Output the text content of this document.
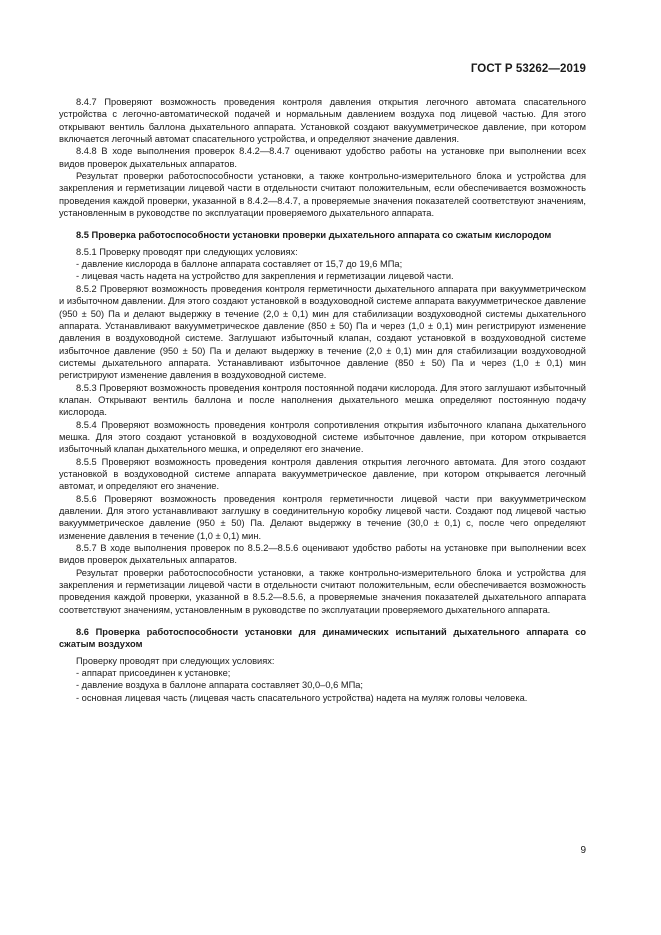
ГОСТ Р 53262—2019

8.4.7 Проверяют возможность проведения контроля давления открытия легочного автомата спасательного устройства с легочно-автоматической подачей и нормальным давлением воздуха под лицевой частью. Для этого открывают вентиль баллона дыхательного аппарата. Установкой создают вакуумметрическое давление, при котором включается легочный автомат спасательного устройства, и определяют значение давления.

8.4.8 В ходе выполнения проверок 8.4.2—8.4.7 оценивают удобство работы на установке при выполнении всех видов проверок дыхательных аппаратов.

Результат проверки работоспособности установки, а также контрольно-измерительного блока и устройства для закрепления и герметизации лицевой части в отдельности считают положительным, если обеспечивается возможность проведения каждой проверки, указанной в 8.4.2—8.4.7, а проверяемые значения показателей соответствуют значениям, установленным в руководстве по эксплуатации проверяемого дыхательного аппарата.

8.5 Проверка работоспособности установки проверки дыхательного аппарата со сжатым кислородом

8.5.1 Проверку проводят при следующих условиях:

- давление кислорода в баллоне аппарата составляет от 15,7 до 19,6 МПа;

- лицевая часть надета на устройство для закрепления и герметизации лицевой части.

8.5.2 Проверяют возможность проведения контроля герметичности дыхательного аппарата при вакуумметрическом и избыточном давлении. Для этого создают установкой в воздуховодной системе аппарата вакуумметрическое давление (950 ± 50) Па и делают выдержку в течение (2,0 ± 0,1) мин для стабилизации воздуховодной системы дыхательного аппарата. Устанавливают вакуумметрическое давление (850 ± 50) Па и через (1,0 ± 0,1) мин регистрируют изменение давления в воздуховодной системе. Заглушают избыточный клапан, создают установкой в воздуховодной системе избыточное давление (950 ± 50) Па и делают выдержку в течение (2,0 ± 0,1) мин для стабилизации воздуховодной системы дыхательного аппарата. Устанавливают избыточное давление (850 ± 50) Па и через (1,0 ± 0,1) мин регистрируют изменение давления в воздуховодной системе.

8.5.3 Проверяют возможность проведения контроля постоянной подачи кислорода. Для этого заглушают избыточный клапан. Открывают вентиль баллона и после наполнения дыхательного мешка определяют постоянную подачу кислорода.

8.5.4 Проверяют возможность проведения контроля сопротивления открытия избыточного клапана дыхательного мешка. Для этого создают установкой в воздуховодной системе избыточное давление, при котором открывается избыточный клапан дыхательного мешка, и определяют его значение.

8.5.5 Проверяют возможность проведения контроля давления открытия легочного автомата. Для этого создают установкой в воздуховодной системе аппарата вакуумметрическое давление, при котором открывается легочный автомат, и определяют его значение.

8.5.6 Проверяют возможность проведения контроля герметичности лицевой части при вакуумметрическом давлении. Для этого устанавливают заглушку в соединительную коробку лицевой части. Создают под лицевой частью вакуумметрическое давление (950 ± 50) Па. Делают выдержку в течение (30,0 ± 0,1) с, после чего определяют изменение давления в течение (1,0 ± 0,1) мин.

8.5.7 В ходе выполнения проверок по 8.5.2—8.5.6 оценивают удобство работы на установке при выполнении всех видов проверок дыхательных аппаратов.

Результат проверки работоспособности установки, а также контрольно-измерительного блока и устройства для закрепления и герметизации лицевой части в отдельности считают положительным, если обеспечивается возможность проведения каждой проверки, указанной в 8.5.2—8.5.6, а проверяемые значения показателей дыхательного аппарата соответствуют значениям, установленным в руководстве по эксплуатации проверяемого дыхательного аппарата.

8.6 Проверка работоспособности установки для динамических испытаний дыхательного аппарата со сжатым воздухом

Проверку проводят при следующих условиях:

- аппарат присоединен к установке;

- давление воздуха в баллоне аппарата составляет 30,0–0,6 МПа;

- основная лицевая часть (лицевая часть спасательного устройства) надета на муляж головы человека.

9
